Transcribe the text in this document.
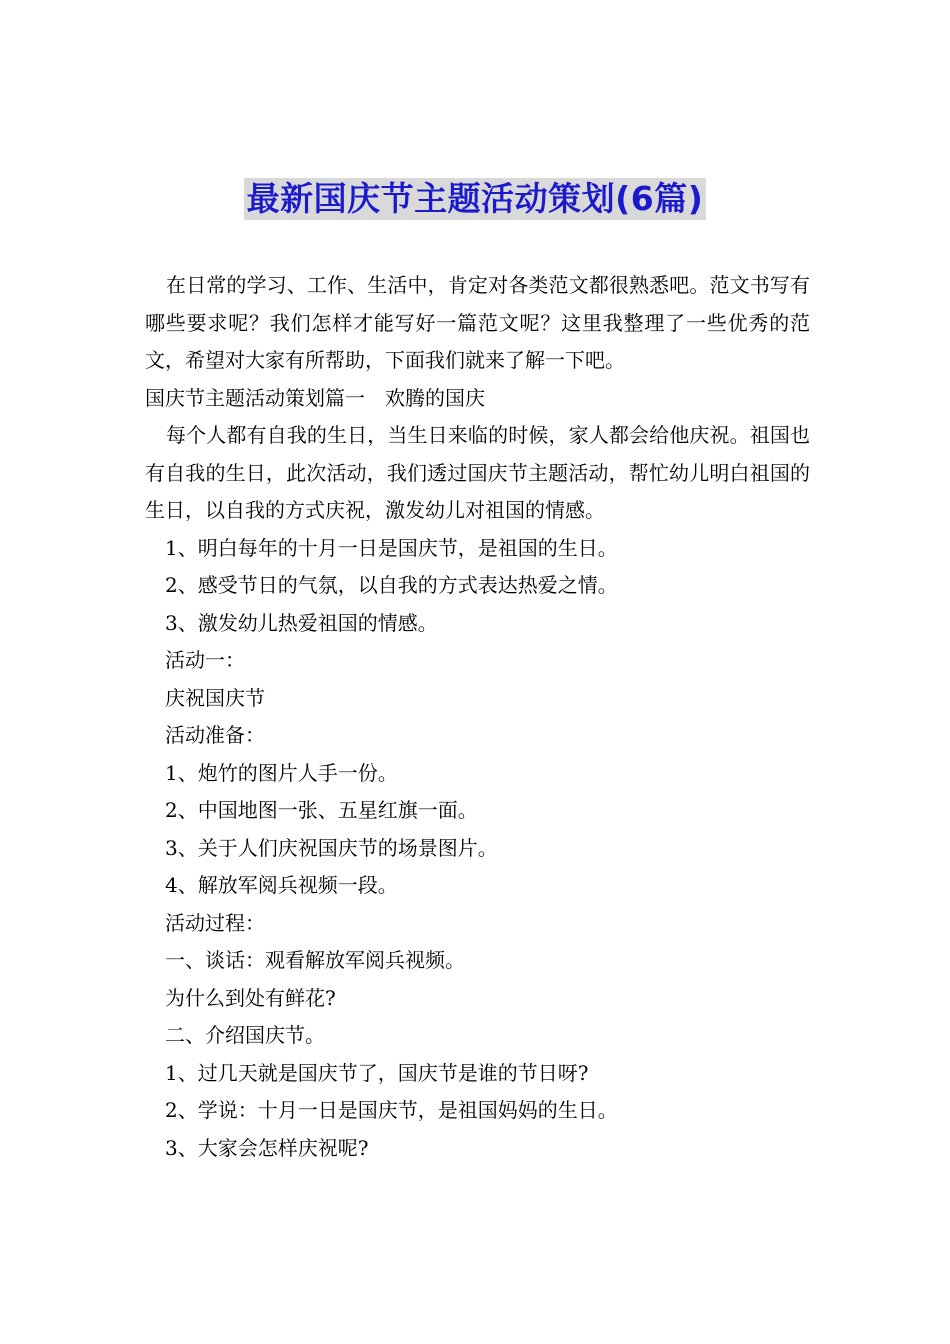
最新国庆节主题活动策划(6篇)

在日常的学习、工作、生活中，肯定对各类范文都很熟悉吧。范文书写有哪些要求呢？我们怎样才能写好一篇范文呢？这里我整理了一些优秀的范文，希望对大家有所帮助，下面我们就来了解一下吧。

国庆节主题活动策划篇一　欢腾的国庆

每个人都有自我的生日，当生日来临的时候，家人都会给他庆祝。祖国也有自我的生日，此次活动，我们透过国庆节主题活动，帮忙幼儿明白祖国的生日，以自我的方式庆祝，激发幼儿对祖国的情感。

1、明白每年的十月一日是国庆节，是祖国的生日。

2、感受节日的气氛，以自我的方式表达热爱之情。

3、激发幼儿热爱祖国的情感。

活动一：

庆祝国庆节

活动准备：

1、炮竹的图片人手一份。

2、中国地图一张、五星红旗一面。

3、关于人们庆祝国庆节的场景图片。

4、解放军阅兵视频一段。

活动过程：

一、谈话：观看解放军阅兵视频。

为什么到处有鲜花?

二、介绍国庆节。

1、过几天就是国庆节了，国庆节是谁的节日呀?

2、学说：十月一日是国庆节，是祖国妈妈的生日。

3、大家会怎样庆祝呢?
